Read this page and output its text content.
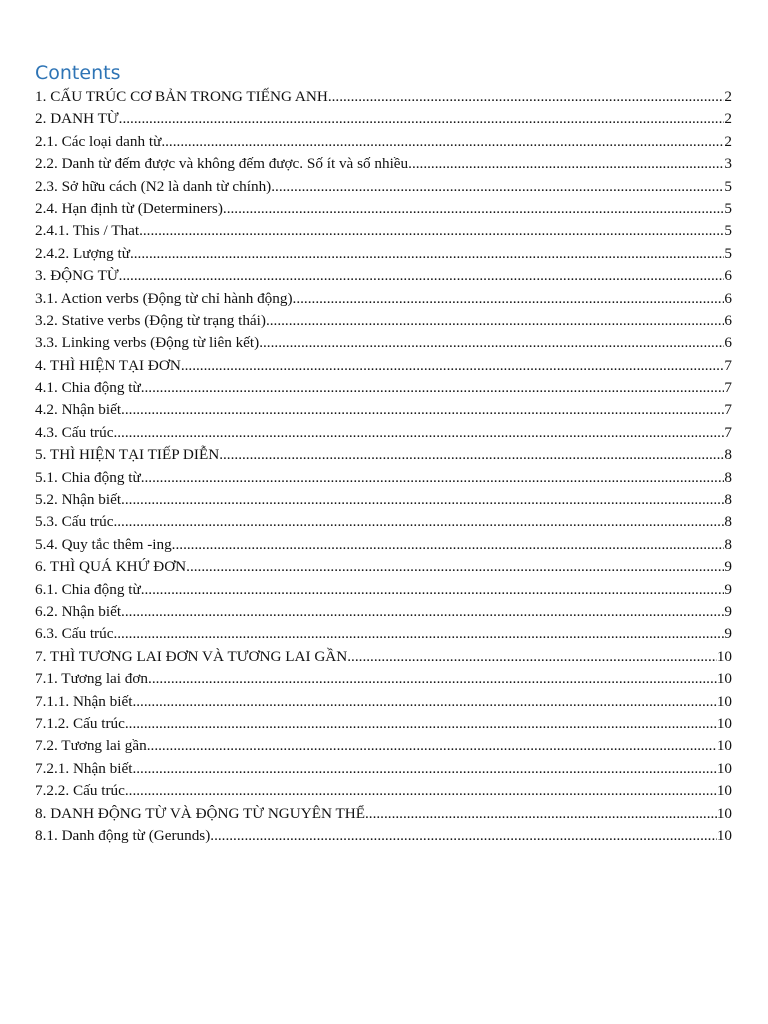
Contents
1. CẤU TRÚC CƠ BẢN TRONG TIẾNG ANH .....	2
2. DANH TỪ .....	2
2.1. Các loại danh từ .....	2
2.2. Danh từ đếm được và không đếm được. Số ít và số nhiều .....	3
2.3. Sở hữu cách (N2 là danh từ chính) .....	5
2.4. Hạn định từ (Determiners) .....	5
2.4.1. This / That .....	5
2.4.2. Lượng từ .....	5
3. ĐỘNG TỪ .....	6
3.1. Action verbs (Động từ chỉ hành động) .....	6
3.2. Stative verbs (Động từ trạng thái) .....	6
3.3. Linking verbs (Động từ liên kết) .....	6
4. THÌ HIỆN TẠI ĐƠN .....	7
4.1. Chia động từ .....	7
4.2. Nhận biết .....	7
4.3. Cấu trúc .....	7
5. THÌ HIỆN TẠI TIẾP DIỄN .....	8
5.1. Chia động từ .....	8
5.2. Nhận biết .....	8
5.3. Cấu trúc .....	8
5.4. Quy tắc thêm -ing .....	8
6. THÌ QUÁ KHỨ ĐƠN .....	9
6.1. Chia động từ .....	9
6.2. Nhận biết .....	9
6.3. Cấu trúc .....	9
7. THÌ TƯƠNG LAI ĐƠN VÀ TƯƠNG LAI GẦN .....	10
7.1. Tương lai đơn .....	10
7.1.1. Nhận biết .....	10
7.1.2. Cấu trúc .....	10
7.2. Tương lai gần .....	10
7.2.1. Nhận biết .....	10
7.2.2. Cấu trúc .....	10
8. DANH ĐỘNG TỪ VÀ ĐỘNG TỪ NGUYÊN THỂ .....	10
8.1. Danh động từ (Gerunds) .....	10
